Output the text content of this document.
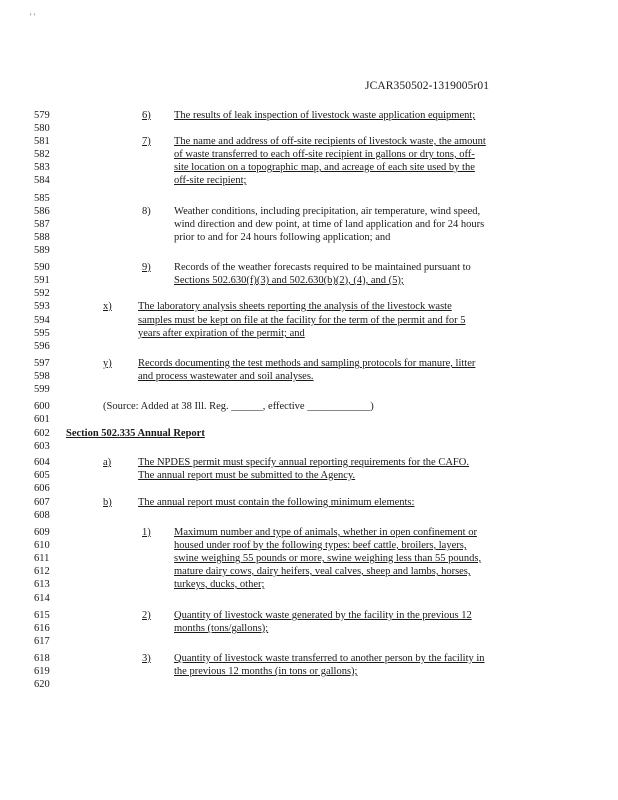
' '
JCAR350502-1319005r01
579
580
581
582
583
584
585
586
587
588
589
590
591
592
593
594
595
596
597
598
599
600
601
602
603
604
605
606
607
608
609
610
611
612
613
614
615
616
617
618
619
620
6) The results of leak inspection of livestock waste application equipment;
7) The name and address of off-site recipients of livestock waste, the amount
of waste transferred to each off-site recipient in gallons or dry tons, off-
site location on a topographic map, and acreage of each site used by the
off-site recipient;
8) Weather conditions, including precipitation, air temperature, wind speed,
wind direction and dew point, at time of land application and for 24 hours
prior to and for 24 hours following application; and
9) Records of the weather forecasts required to be maintained pursuant to
Sections 502.630(f)(3) and 502.630(b)(2), (4), and (5);
x)	The laboratory analysis sheets reporting the analysis of the livestock waste
samples must be kept on file at the facility for the term of the permit and for 5
years after expiration of the permit; and
y)	Records documenting the test methods and sampling protocols for manure, litter
and process wastewater and soil analyses.
(Source: Added at 38 Ill. Reg. ______, effective ____________)
Section 502.335 Annual Report
a)	The NPDES permit must specify annual reporting requirements for the CAFO.
The annual report must be submitted to the Agency.
b)	The annual report must contain the following minimum elements:
1) Maximum number and type of animals, whether in open confinement or
housed under roof by the following types: beef cattle, broilers, layers,
swine weighing 55 pounds or more, swine weighing less than 55 pounds,
mature dairy cows, dairy heifers, veal calves, sheep and lambs, horses,
turkeys, ducks, other;
2) Quantity of livestock waste generated by the facility in the previous 12
months (tons/gallons);
3) Quantity of livestock waste transferred to another person by the facility in
the previous 12 months (in tons or gallons);
